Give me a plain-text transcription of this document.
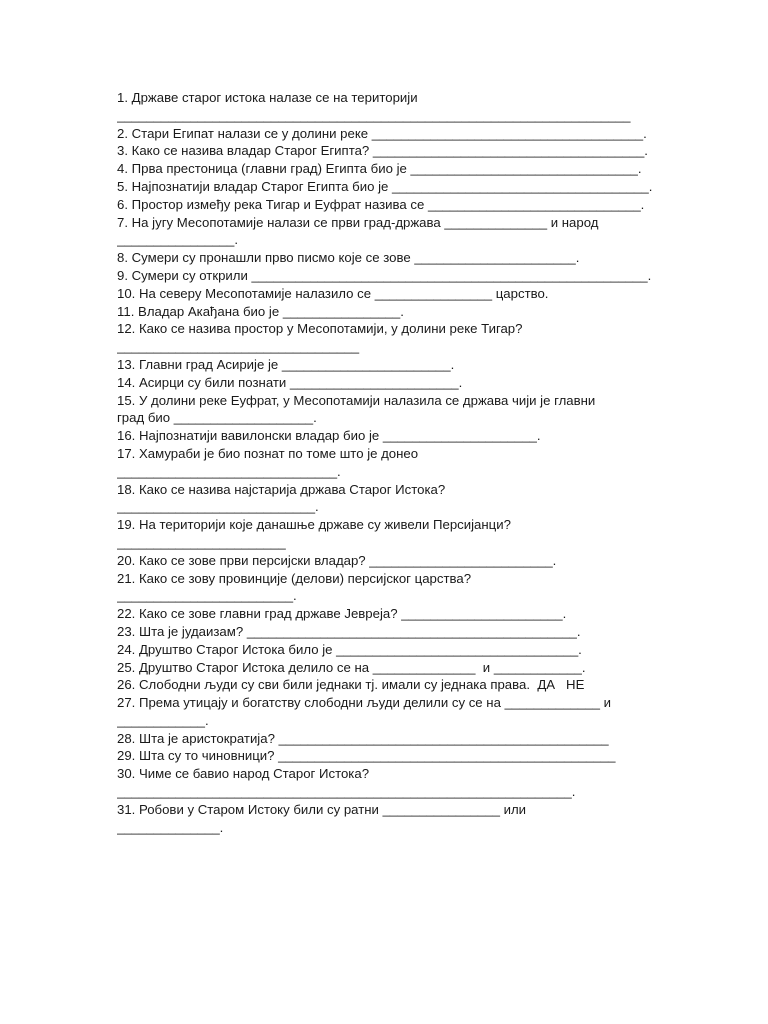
1. Државе старог истока налазе се на територији
______________________________________________________________________
2. Стари Египат налази се у долини реке _____________________________________.
3. Како се назива владар Старог Египта? _____________________________________.
4. Прва престоница (главни град) Египта био је _______________________________.
5. Најпознатији владар Старог Египта био је ___________________________________.
6. Простор између река Тигар и Еуфрат назива се _____________________________.
7. На југу Месопотамије налази се први град-држава ______________ и народ
________________.
8. Сумери су пронашли прво писмо које се зове ______________________.
9. Сумери су открили ______________________________________________________.
10. На северу Месопотамије налазило се ________________ царство.
11. Владар Акађана био је ________________.
12. Како се назива простор у Месопотамији, у долини реке Тигар?
_________________________________
13. Главни град Асирије је _______________________.
14. Асирци су били познати _______________________.
15. У долини реке Еуфрат, у Месопотамији налазила се држава чији је главни
град био ___________________.
16. Најпознатији вавилонски владар био је _____________________.
17. Хамураби је био познат по томе што је донео
______________________________.
18. Како се назива најстарија држава Старог Истока?
___________________________.
19. На територији које данашње државе су живели Персијанци?
_______________________
20. Како се зове први персијски владар? _________________________.
21. Како се зову провинције (делови) персијског царства?
________________________.
22. Како се зове главни град државе Јевреја? ______________________.
23. Шта је јудаизам? _____________________________________________.
24. Друштво Старог Истока било је _________________________________.
25. Друштво Старог Истока делило се на ______________  и ____________.
26. Слободни људи су сви били једнаки тј. имали су једнака права.  ДА   НЕ
27. Према утицају и богатству слободни људи делили су се на _____________ и
____________.
28. Шта је аристократија? _____________________________________________
29. Шта су то чиновници? ______________________________________________
30. Чиме се бавио народ Старог Истока?
______________________________________________________________.
31. Робови у Старом Истоку били су ратни ________________ или
______________.
